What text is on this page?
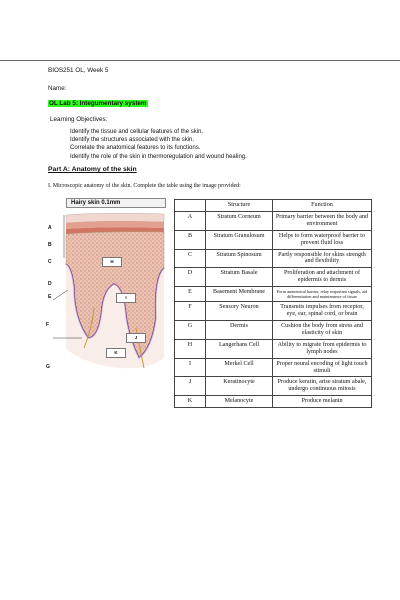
BIOS251 OL, Week 5
Name:
OL Lab 5: Integumentary system
Learning Objectives:
Identify the tissue and cellular features of the skin.
Identify the structures associated with the skin.
Correlate the anatomical features to its functions.
Identify the role of the skin in thermoregulation and wound healing.
Part A: Anatomy of the skin
I. Microscopic anatomy of the skin. Complete the table using the image provided:
Hairy skin 0.1mm
A
B
C
D
E
F
G
H
I
J
K
	Structure	Function
A	Stratum Corneum	Primary barrier between the body and environment
B	Stratum Granulosum	Helps to form waterproof barrier to prevent fluid loss
C	Stratum Spinosum	Partly responsible for skins strength and flexibility
D	Stratum Basale	Proliferation and attachment of epidermis to dermis
E	Basement Membrane	Form anatomical barrier, relay important signals, aid differentiation and maintenance of tissue
F	Sensory Neuron	Transmits impulses from receptor, eye, ear, spinal cord, or brain
G	Dermis	Cushion the body from stress and elasticity of skin
H	Langerhans Cell	Ability to migrate from epidermis to lymph nodes
I	Merkel Cell	Proper neural encoding of light touch stimuli
J	Keratinocyte	Produce keratin, arise stratum abale, undergo continuous mitosis
K	Melanocyte	Produce melanin
